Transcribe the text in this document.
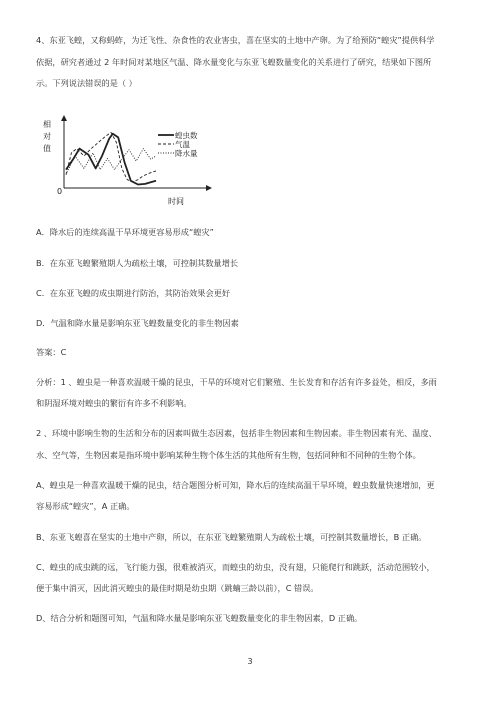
4、东亚飞蝗，又称蚂蚱，为迁飞性、杂食性的农业害虫，喜在坚实的土地中产卵。为了给预防“蝗灾”提供科学
依据，研究者通过 2 年时间对某地区气温、降水量变化与东亚飞蝗数量变化的关系进行了研究，结果如下图所
示。下列说法错误的是（ ）
相
对
值
0
时间
蝗虫数
气温
降水量
A．降水后的连续高温干旱环境更容易形成“蝗灾”
B．在东亚飞蝗繁殖期人为疏松土壤，可控制其数量增长
C．在东亚飞蝗的成虫期进行防治，其防治效果会更好
D．气温和降水量是影响东亚飞蝗数量变化的非生物因素
答案：C
分析：1 、蝗虫是一种喜欢温暖干燥的昆虫，干旱的环境对它们繁殖、生长发育和存活有许多益处，相反，多雨
和阴湿环境对蝗虫的繁衍有许多不利影响。
2 、环境中影响生物的生活和分布的因素叫做生态因素，包括非生物因素和生物因素。非生物因素有光、温度、
水、空气等，生物因素是指环境中影响某种生物个体生活的其他所有生物，包括同种和不同种的生物个体。
A、蝗虫是一种喜欢温暖干燥的昆虫，结合题图分析可知，降水后的连续高温干旱环境，蝗虫数量快速增加，更
容易形成“蝗灾”，A 正确。
B、东亚飞蝗喜在坚实的土地中产卵，所以，在东亚飞蝗繁殖期人为疏松土壤，可控制其数量增长，B 正确。
C、蝗虫的成虫跳的远，飞行能力强，很难被消灭，而蝗虫的幼虫，没有翅，只能爬行和跳跃，活动范围较小，
便于集中消灭，因此消灭蝗虫的最佳时期是幼虫期（跳蝻三龄以前），C 错误。
D、结合分析和题图可知，气温和降水量是影响东亚飞蝗数量变化的非生物因素，D 正确。
3
